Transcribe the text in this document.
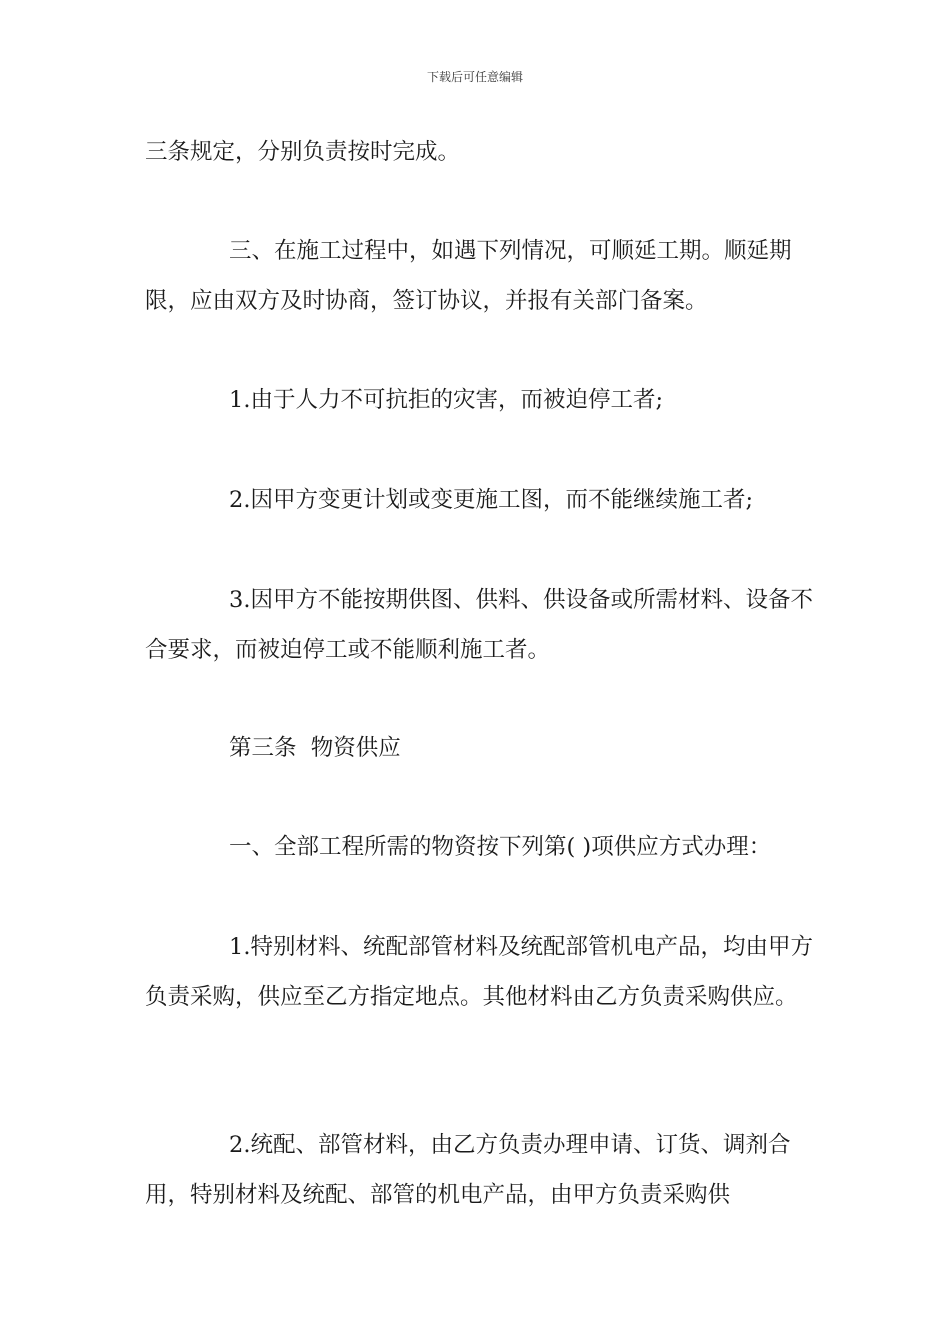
下载后可任意编辑

三条规定，分别负责按时完成。

三、在施工过程中，如遇下列情况，可顺延工期。顺延期限，应由双方及时协商，签订协议，并报有关部门备案。

1.由于人力不可抗拒的灾害，而被迫停工者;

2.因甲方变更计划或变更施工图，而不能继续施工者;

3.因甲方不能按期供图、供料、供设备或所需材料、设备不合要求，而被迫停工或不能顺利施工者。

第三条  物资供应

一、全部工程所需的物资按下列第( )项供应方式办理：

1.特别材料、统配部管材料及统配部管机电产品，均由甲方负责采购，供应至乙方指定地点。其他材料由乙方负责采购供应。

2.统配、部管材料，由乙方负责办理申请、订货、调剂合用，特别材料及统配、部管的机电产品，由甲方负责采购供
